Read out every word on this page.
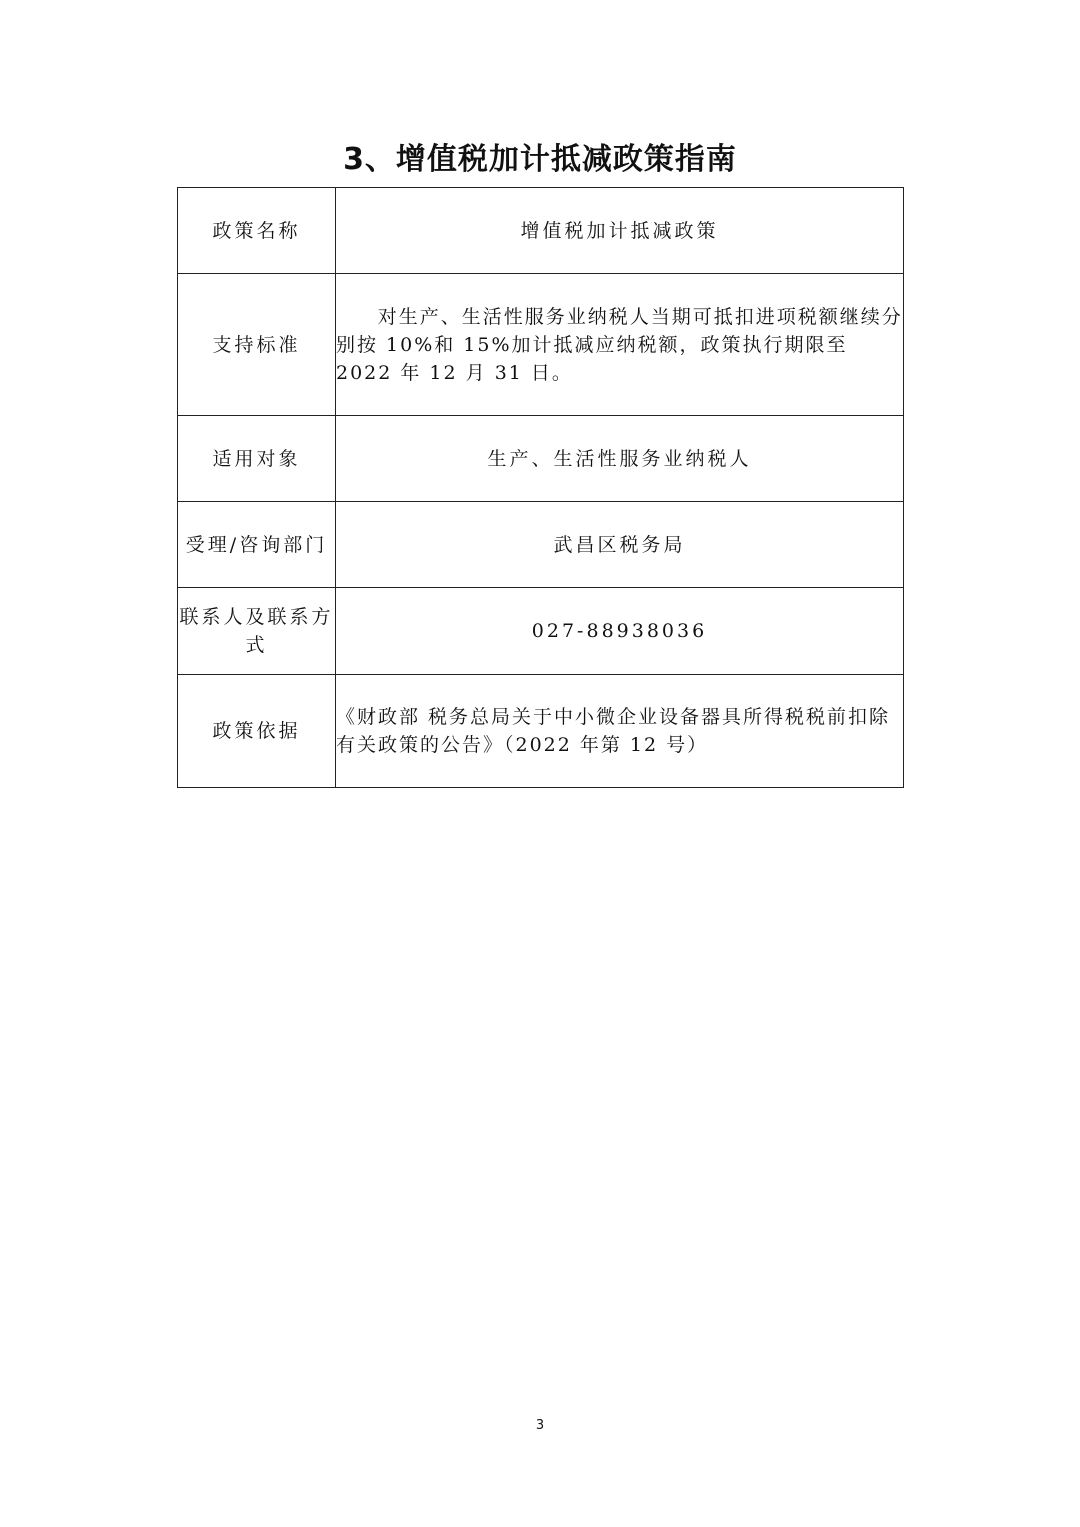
3、增值税加计抵减政策指南
政策名称	增值税加计抵减政策
支持标准	对生产、生活性服务业纳税人当期可抵扣进项税额继续分别按 10%和 15%加计抵减应纳税额，政策执行期限至 2022 年 12 月 31 日。

适用对象	生产、生活性服务业纳税人
受理/咨询部门	武昌区税务局
联系人及联系方式	027-88938036
政策依据	《财政部 税务总局关于中小微企业设备器具所得税税前扣除有关政策的公告》（2022 年第 12 号）
3
